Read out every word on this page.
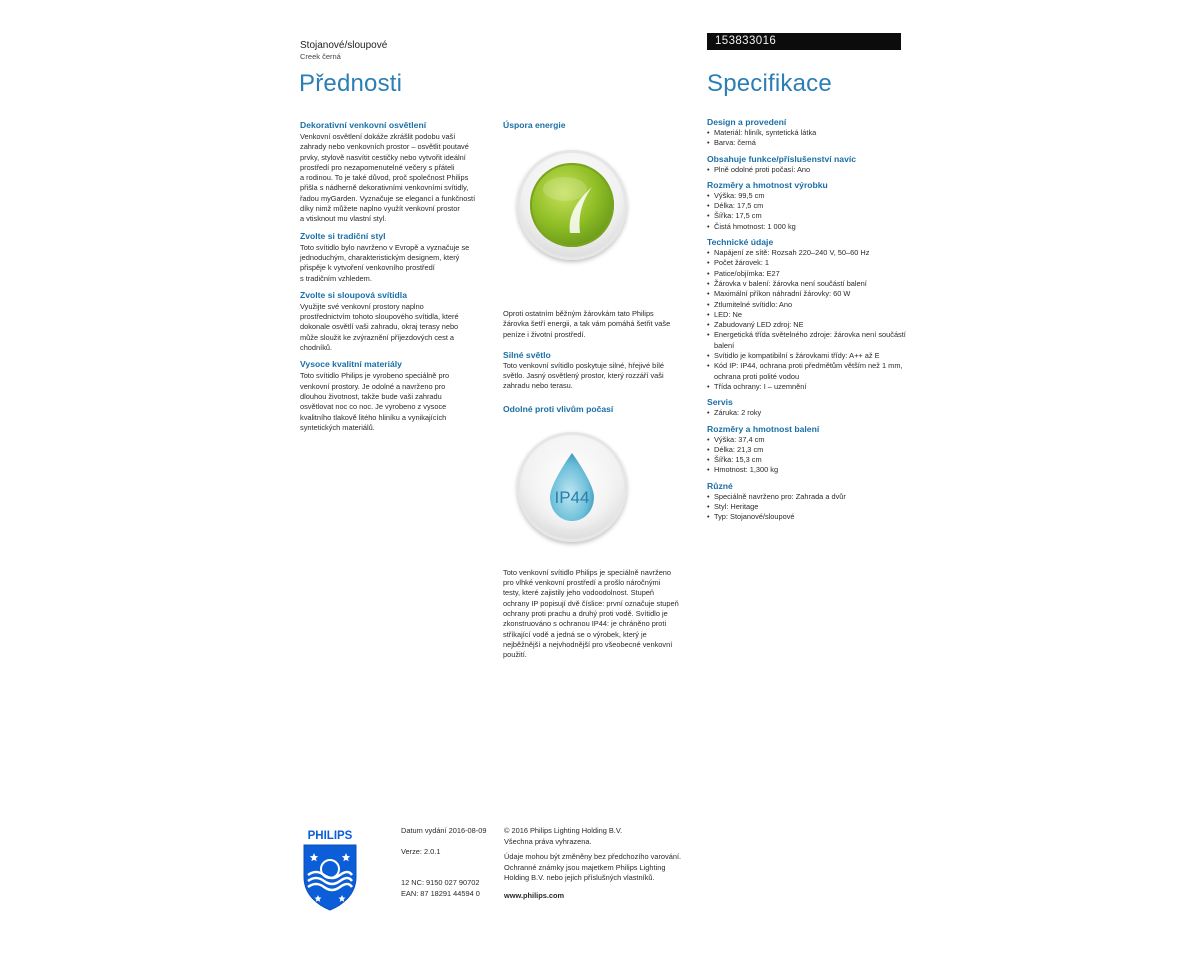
Stojanové/sloupové
Creek černá
153833016
Přednosti	Specifikace
Dekorativní venkovní osvětlení
Venkovní osvětlení dokáže zkrášlit podobu vaší
zahrady nebo venkovních prostor – osvětlit poutavé
prvky, stylově nasvítit cestičky nebo vytvořit ideální
prostředí pro nezapomenutelné večery s přáteli
a rodinou. To je také důvod, proč společnost Philips
přišla s nádherně dekorativními venkovními svítidly,
řadou myGarden. Vyznačuje se elegancí a funkčností
díky nimž můžete naplno využít venkovní prostor
a vtisknout mu vlastní styl.
Zvolte si tradiční styl
Toto svítidlo bylo navrženo v Evropě a vyznačuje se
jednoduchým, charakteristickým designem, který
přispěje k vytvoření venkovního prostředí
s tradičním vzhledem.
Zvolte si sloupová svítidla
Využijte své venkovní prostory naplno
prostřednictvím tohoto sloupového svítidla, které
dokonale osvětlí vaši zahradu, okraj terasy nebo
může sloužit ke zvýraznění příjezdových cest a
chodníků.
Vysoce kvalitní materiály
Toto svítidlo Philips je vyrobeno speciálně pro
venkovní prostory. Je odolné a navrženo pro
dlouhou životnost, takže bude vaši zahradu
osvětlovat noc co noc. Je vyrobeno z vysoce
kvalitního tlakově litého hliníku a vynikajících
syntetických materiálů.
Úspora energie
Oproti ostatním běžným žárovkám tato Philips
žárovka šetří energii, a tak vám pomáhá šetřit vaše
peníze i životní prostředí.
Silné světlo
Toto venkovní svítidlo poskytuje silné, hřejivé bílé
světlo. Jasný osvětlený prostor, který rozzáří vaši
zahradu nebo terasu.
Odolné proti vlivům počasí
IP44
Toto venkovní svítidlo Philips je speciálně navrženo
pro vlhké venkovní prostředí a prošlo náročnými
testy, které zajistily jeho vodoodolnost. Stupeň
ochrany IP popisují dvě číslice: první označuje stupeň
ochrany proti prachu a druhý proti vodě. Svítidlo je
zkonstruováno s ochranou IP44: je chráněno proti
stříkající vodě a jedná se o výrobek, který je
nejběžnější a nejvhodnější pro všeobecné venkovní
použití.
Design a provedení
• Materiál: hliník, syntetická látka
• Barva: černá
Obsahuje funkce/příslušenství navíc
• Plně odolné proti počasí: Ano
Rozměry a hmotnost výrobku
• Výška: 99,5 cm
• Délka: 17,5 cm
• Šířka: 17,5 cm
• Čistá hmotnost: 1 000 kg
Technické údaje
• Napájení ze sítě: Rozsah 220–240 V, 50–60 Hz
• Počet žárovek: 1
• Patice/objímka: E27
• Žárovka v balení: žárovka není součástí balení
• Maximální příkon náhradní žárovky: 60 W
• Ztlumitelné svítidlo: Ano
• LED: Ne
• Zabudovaný LED zdroj: NE
• Energetická třída světelného zdroje: žárovka není součástí balení
• Svítidlo je kompatibilní s žárovkami třídy: A++ až E
• Kód IP: IP44, ochrana proti předmětům větším než 1 mm, ochrana proti polité vodou
• Třída ochrany: I – uzemnění
Servis
• Záruka: 2 roky
Rozměry a hmotnost balení
• Výška: 37,4 cm
• Délka: 21,3 cm
• Šířka: 15,3 cm
• Hmotnost: 1,300 kg
Různé
• Speciálně navrženo pro: Zahrada a dvůr
• Styl: Heritage
• Typ: Stojanové/sloupové
PHILIPS	Datum vydání 2016-08-09
Verze: 2.0.1
12 NC: 9150 027 90702
EAN: 87 18291 44594 0
© 2016 Philips Lighting Holding B.V.
Všechna práva vyhrazena.
Údaje mohou být změněny bez předchozího varování.
Ochranné známky jsou majetkem Philips Lighting
Holding B.V. nebo jejich příslušných vlastníků.
www.philips.com
